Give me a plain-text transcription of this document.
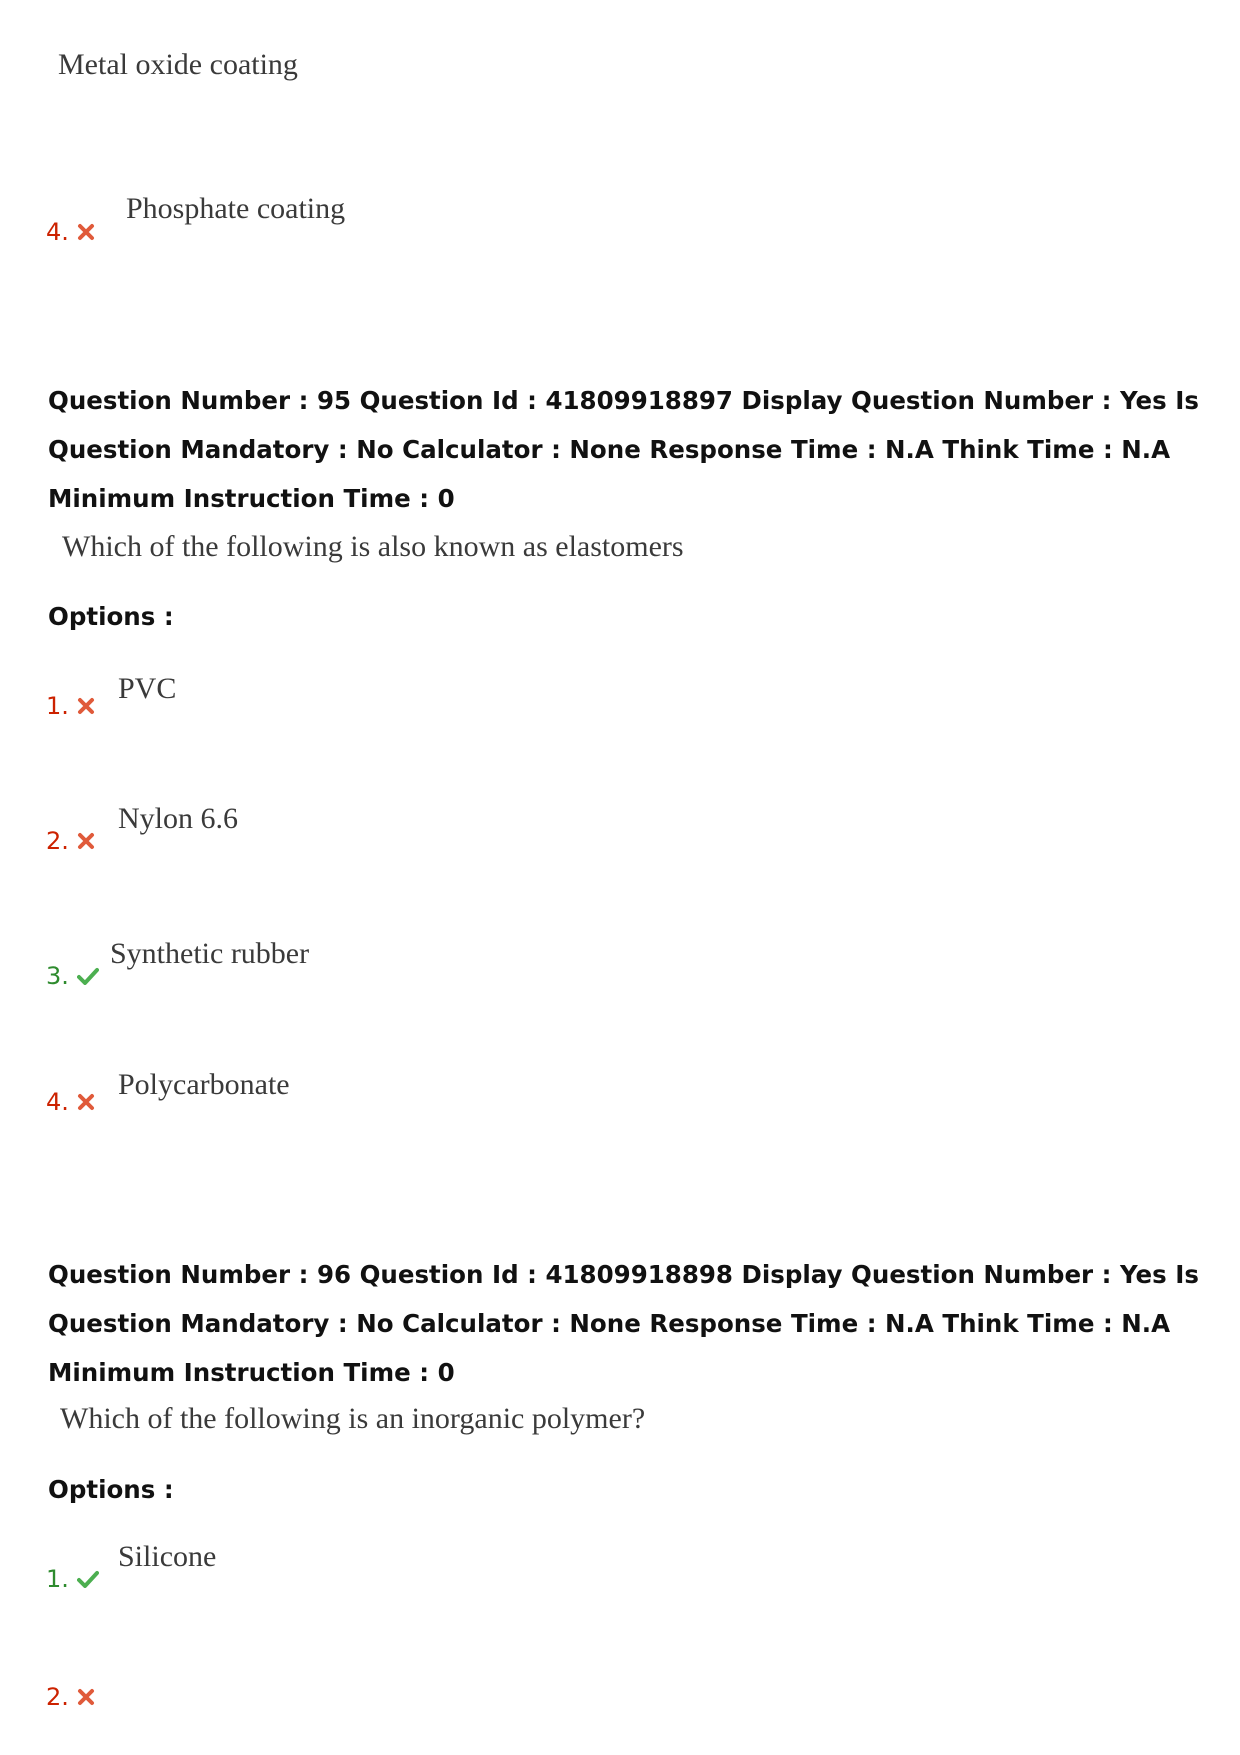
Metal oxide coating
4.
Phosphate coating
Question Number : 95 Question Id : 41809918897 Display Question Number : Yes Is Question Mandatory : No Calculator : None Response Time : N.A Think Time : N.A Minimum Instruction Time : 0
Which of the following is also known as elastomers
Options :
1.
PVC
2.
Nylon 6.6
3.
Synthetic rubber
4.
Polycarbonate
Question Number : 96 Question Id : 41809918898 Display Question Number : Yes Is Question Mandatory : No Calculator : None Response Time : N.A Think Time : N.A Minimum Instruction Time : 0
Which of the following is an inorganic polymer?
Options :
1.
Silicone
2.
